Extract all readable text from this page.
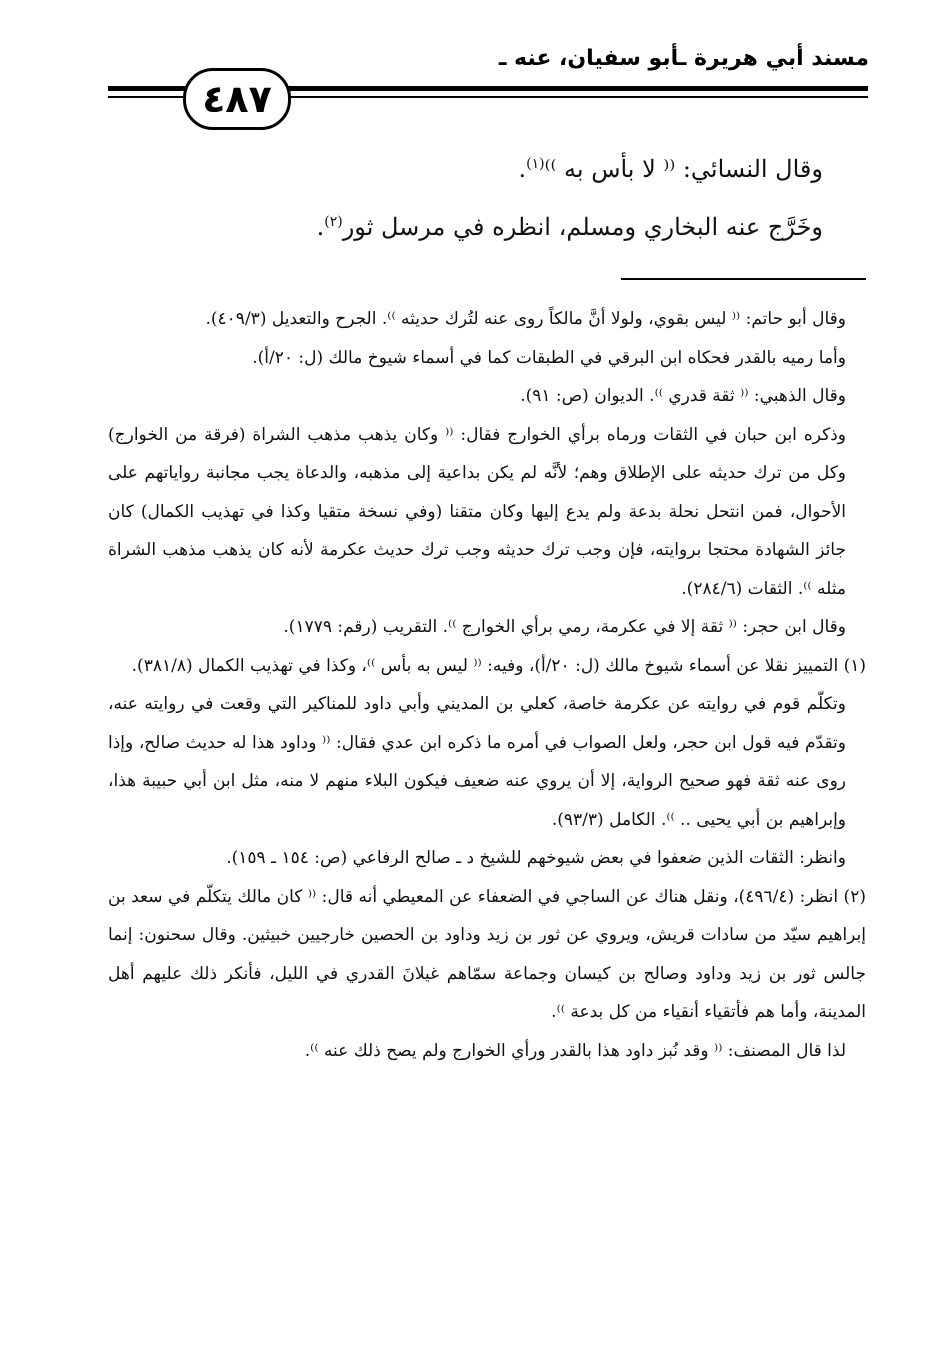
مسند أبي هريرة ـأبو سفيان، عنه ـ
٤٨٧

وقال النسائي: ⁽⁽ لا بأس به ⁾⁾$^{(١)}$.

وخَرَّج عنه البخاري ومسلم، انظره في مرسل ثور$^{(٢)}$.

وقال أبو حاتم: ⁽⁽ ليس بقوي، ولولا أنَّ مالكاً روى عنه لتُرك حديثه ⁾⁾. الجرح والتعديل (٤٠٩/٣).

وأما رميه بالقدر فحكاه ابن البرقي في الطبقات كما في أسماء شيوخ مالك (ل: ٢٠/أ).

وقال الذهبي: ⁽⁽ ثقة قدري ⁾⁾. الديوان (ص: ٩١).

وذكره ابن حبان في الثقات ورماه برأي الخوارج فقال: ⁽⁽ وكان يذهب مذهب الشراة (فرقة من الخوارج) وكل من ترك حديثه على الإطلاق وهم؛ لأنَّه لم يكن بداعية إلى مذهبه، والدعاة يجب مجانبة رواياتهم على الأحوال، فمن انتحل نحلة بدعة ولم يدع إليها وكان متقنا (وفي نسخة متقيا وكذا في تهذيب الكمال) كان جائز الشهادة محتجا بروايته، فإن وجب ترك حديثه وجب ترك حديث عكرمة لأنه كان يذهب مذهب الشراة مثله ⁾⁾. الثقات (٢٨٤/٦).

وقال ابن حجر: ⁽⁽ ثقة إلا في عكرمة، رمي برأي الخوارج ⁾⁾. التقريب (رقم: ١٧٧٩).

(١) التمييز نقلا عن أسماء شيوخ مالك (ل: ٢٠/أ)، وفيه: ⁽⁽ ليس به بأس ⁾⁾، وكذا في تهذيب الكمال (٣٨١/٨).

وتكلّم قوم في روايته عن عكرمة خاصة، كعلي بن المديني وأبي داود للمناكير التي وقعت في روايته عنه، وتقدّم فيه قول ابن حجر، ولعل الصواب في أمره ما ذكره ابن عدي فقال: ⁽⁽ وداود هذا له حديث صالح، وإذا روى عنه ثقة فهو صحيح الرواية، إلا أن يروي عنه ضعيف فيكون البلاء منهم لا منه، مثل ابن أبي حبيبة هذا، وإبراهيم بن أبي يحيى .. ⁾⁾. الكامل (٩٣/٣).

وانظر: الثقات الذين ضعفوا في بعض شيوخهم للشيخ د ـ صالح الرفاعي (ص: ١٥٤ ـ ١٥٩).

(٢) انظر: (٤٩٦/٤)، ونقل هناك عن الساجي في الضعفاء عن المعيطي أنه قال: ⁽⁽ كان مالك يتكلّم في سعد بن إبراهيم سيّد من سادات قريش، ويروي عن ثور بن زيد وداود بن الحصين خارجيين خبيثين. وقال سحنون: إنما جالس ثور بن زيد وداود وصالح بن كيسان وجماعة سمّاهم غيلانَ القدري في الليل، فأنكر ذلك عليهم أهل المدينة، وأما هم فأتقياء أنقياء من كل بدعة ⁾⁾.

لذا قال المصنف: ⁽⁽ وقد نُبز داود هذا بالقدر ورأي الخوارج ولم يصح ذلك عنه ⁾⁾.
